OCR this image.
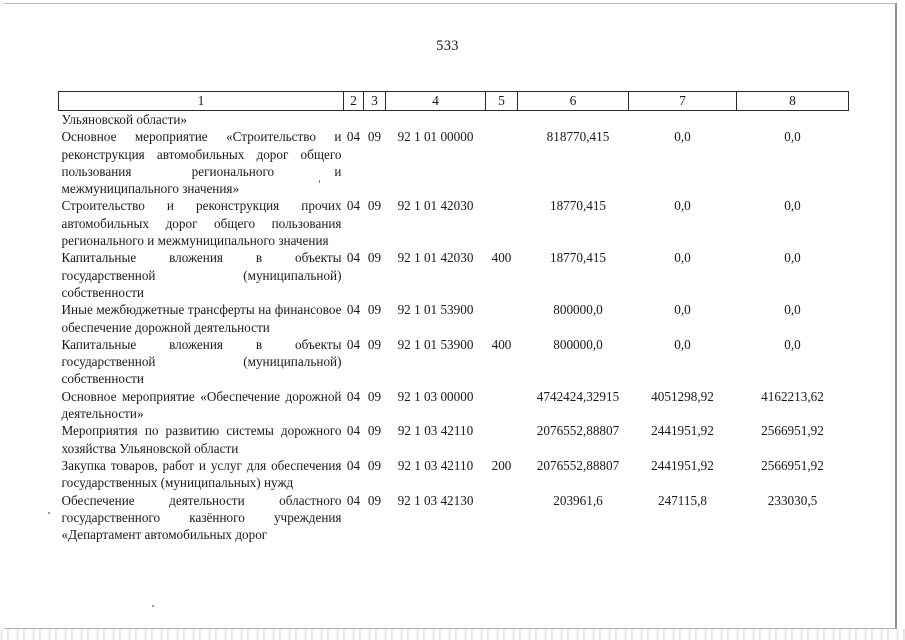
533
1	2	3	4	5	6	7	8
Ульяновской области»							
Основное мероприятие «Строительство и реконструкция автомобильных дорог общего пользования регионального и межмуниципального значения»	04	09	92 1 01 00000		818770,415	0,0	0,0
Строительство и реконструкция прочих автомобильных дорог общего пользования регионального и межмуниципального значения	04	09	92 1 01 42030		18770,415	0,0	0,0
Капитальные вложения в объекты государственной (муниципальной) собственности	04	09	92 1 01 42030	400	18770,415	0,0	0,0
Иные межбюджетные трансферты на финансовое обеспечение дорожной деятельности	04	09	92 1 01 53900		800000,0	0,0	0,0
Капитальные вложения в объекты государственной (муниципальной) собственности	04	09	92 1 01 53900	400	800000,0	0,0	0,0
Основное мероприятие «Обеспечение дорожной деятельности»	04	09	92 1 03 00000		4742424,32915	4051298,92	4162213,62
Мероприятия по развитию системы дорожного хозяйства Ульяновской области	04	09	92 1 03 42110		2076552,88807	2441951,92	2566951,92
Закупка товаров, работ и услуг для обеспечения государственных (муниципальных) нужд	04	09	92 1 03 42110	200	2076552,88807	2441951,92	2566951,92
Обеспечение деятельности областного государственного казённого учреждения «Департамент автомобильных дорог	04	09	92 1 03 42130		203961,6	247115,8	233030,5
